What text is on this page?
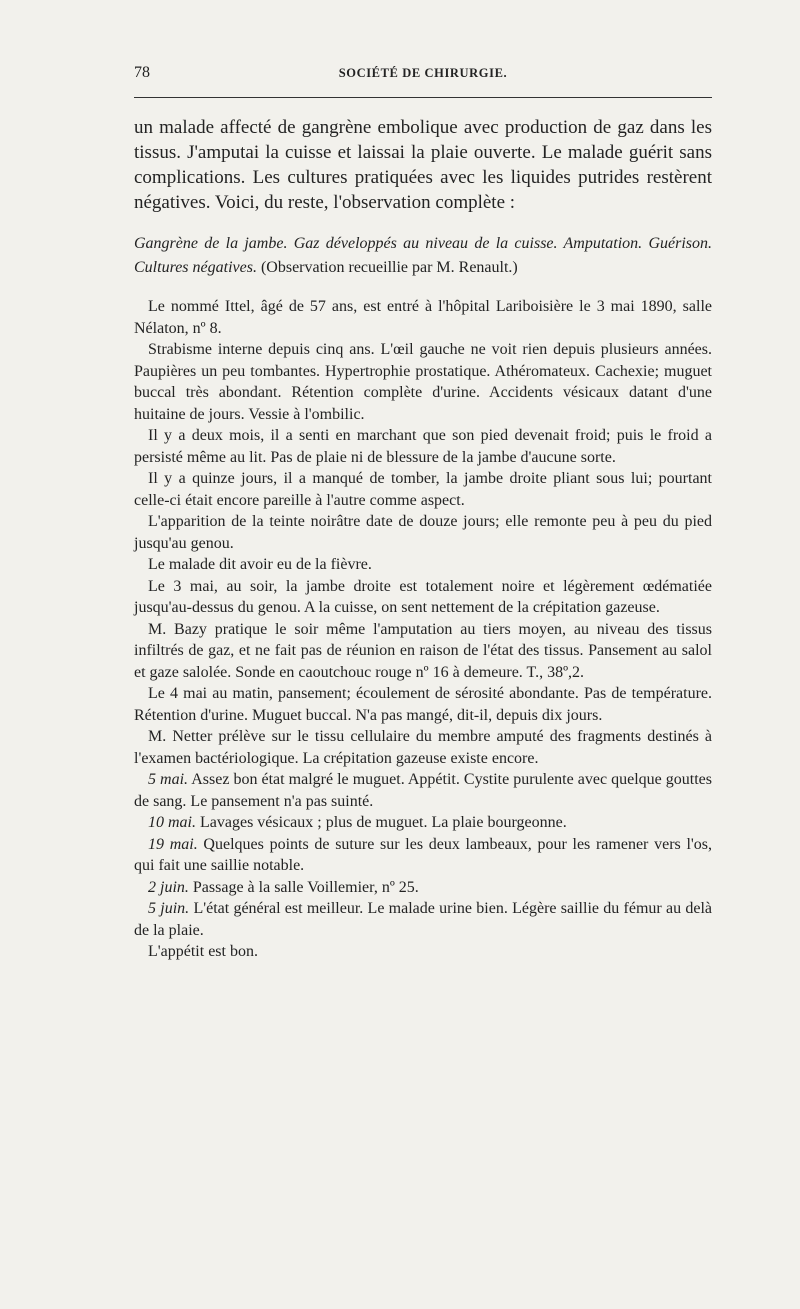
78	SOCIÉTÉ DE CHIRURGIE.

un malade affecté de gangrène embolique avec production de gaz dans les tissus. J'amputai la cuisse et laissai la plaie ouverte. Le malade guérit sans complications. Les cultures pratiquées avec les liquides putrides restèrent négatives. Voici, du reste, l'observation complète :

Gangrène de la jambe. Gaz développés au niveau de la cuisse. Amputation. Guérison. Cultures négatives. (Observation recueillie par M. Renault.)

Le nommé Ittel, âgé de 57 ans, est entré à l'hôpital Lariboisière le 3 mai 1890, salle Nélaton, nº 8.

Strabisme interne depuis cinq ans. L'œil gauche ne voit rien depuis plusieurs années. Paupières un peu tombantes. Hypertrophie prostatique. Athéromateux. Cachexie; muguet buccal très abondant. Rétention complète d'urine. Accidents vésicaux datant d'une huitaine de jours. Vessie à l'ombilic.

Il y a deux mois, il a senti en marchant que son pied devenait froid; puis le froid a persisté même au lit. Pas de plaie ni de blessure de la jambe d'aucune sorte.

Il y a quinze jours, il a manqué de tomber, la jambe droite pliant sous lui; pourtant celle-ci était encore pareille à l'autre comme aspect.

L'apparition de la teinte noirâtre date de douze jours; elle remonte peu à peu du pied jusqu'au genou.

Le malade dit avoir eu de la fièvre.

Le 3 mai, au soir, la jambe droite est totalement noire et légèrement œdématiée jusqu'au-dessus du genou. A la cuisse, on sent nettement de la crépitation gazeuse.

M. Bazy pratique le soir même l'amputation au tiers moyen, au niveau des tissus infiltrés de gaz, et ne fait pas de réunion en raison de l'état des tissus. Pansement au salol et gaze salolée. Sonde en caoutchouc rouge nº 16 à demeure. T., 38º,2.

Le 4 mai au matin, pansement; écoulement de sérosité abondante. Pas de température. Rétention d'urine. Muguet buccal. N'a pas mangé, dit-il, depuis dix jours.

M. Netter prélève sur le tissu cellulaire du membre amputé des fragments destinés à l'examen bactériologique. La crépitation gazeuse existe encore.

5 mai. Assez bon état malgré le muguet. Appétit. Cystite purulente avec quelque gouttes de sang. Le pansement n'a pas suinté.

10 mai. Lavages vésicaux ; plus de muguet. La plaie bourgeonne.

19 mai. Quelques points de suture sur les deux lambeaux, pour les ramener vers l'os, qui fait une saillie notable.

2 juin. Passage à la salle Voillemier, nº 25.

5 juin. L'état général est meilleur. Le malade urine bien. Légère saillie du fémur au delà de la plaie.

L'appétit est bon.
